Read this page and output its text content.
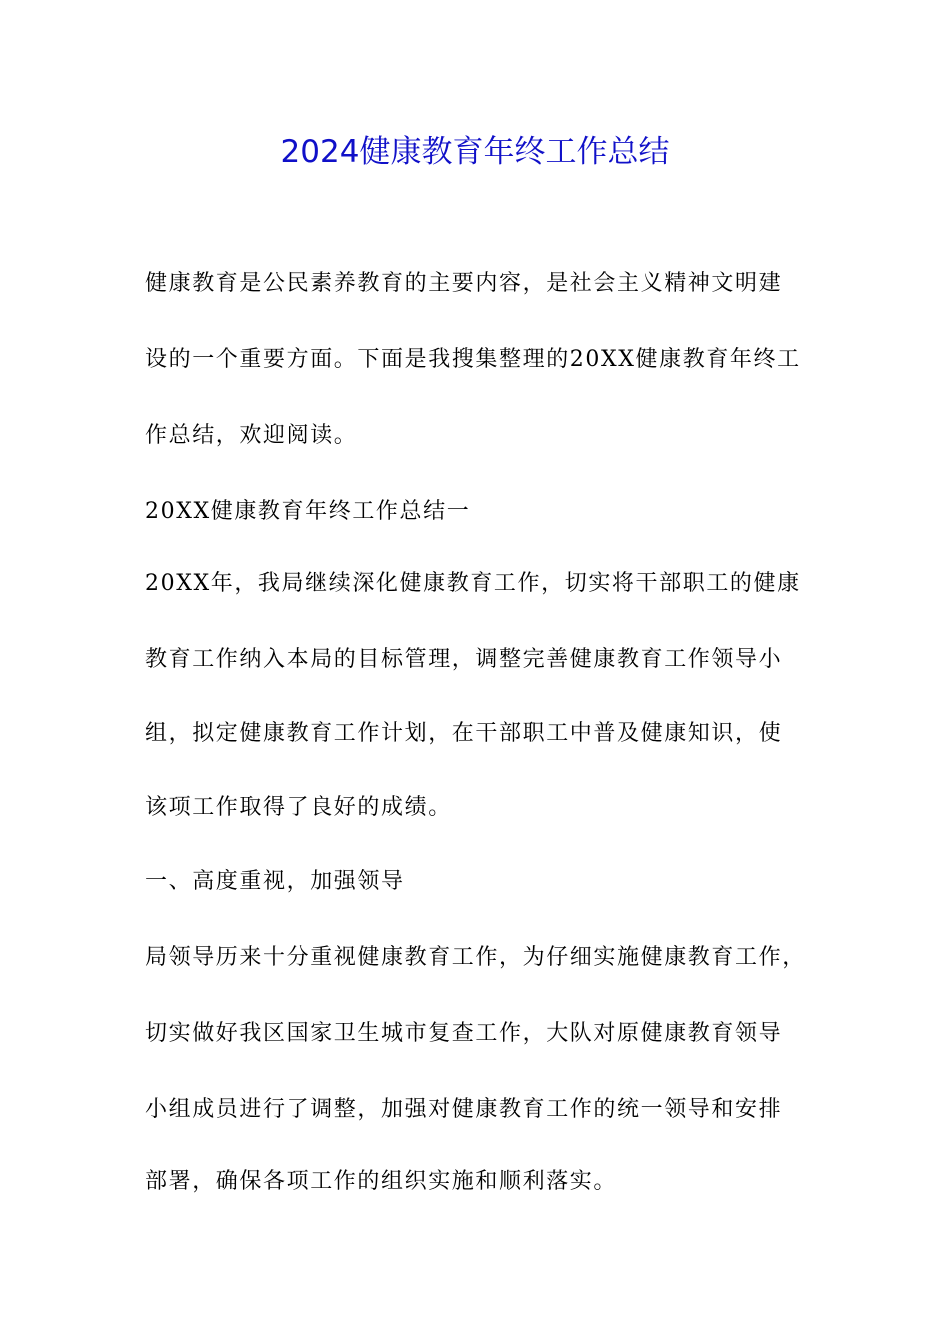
2024健康教育年终工作总结

健康教育是公民素养教育的主要内容，是社会主义精神文明建

设的一个重要方面。下面是我搜集整理的20XX健康教育年终工

作总结，欢迎阅读。

20XX健康教育年终工作总结一

20XX年，我局继续深化健康教育工作，切实将干部职工的健康

教育工作纳入本局的目标管理，调整完善健康教育工作领导小

组，拟定健康教育工作计划，在干部职工中普及健康知识，使

该项工作取得了良好的成绩。

一、高度重视，加强领导

局领导历来十分重视健康教育工作，为仔细实施健康教育工作，

切实做好我区国家卫生城市复查工作，大队对原健康教育领导

小组成员进行了调整，加强对健康教育工作的统一领导和安排

部署，确保各项工作的组织实施和顺利落实。
